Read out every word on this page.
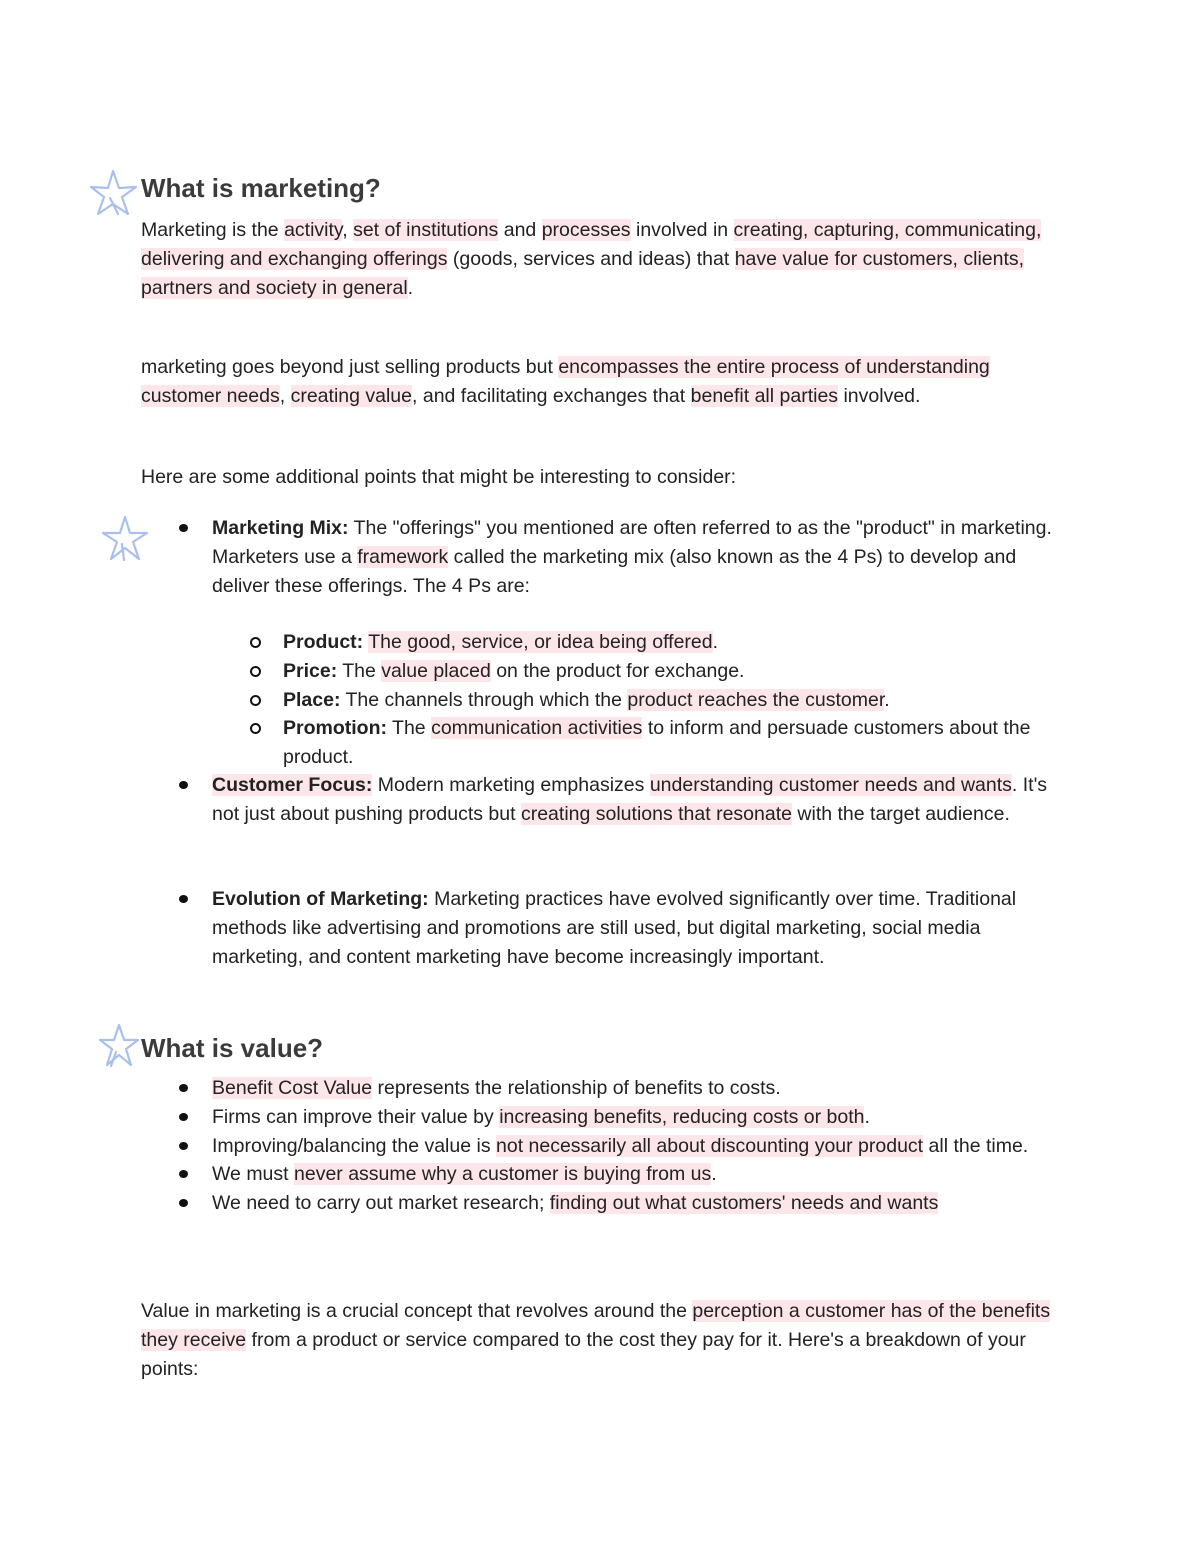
What is marketing?

Marketing is the activity, set of institutions and processes involved in creating, capturing, communicating, delivering and exchanging offerings (goods, services and ideas) that have value for customers, clients, partners and society in general.

marketing goes beyond just selling products but encompasses the entire process of understanding customer needs, creating value, and facilitating exchanges that benefit all parties involved.

Here are some additional points that might be interesting to consider:

Marketing Mix: The "offerings" you mentioned are often referred to as the "product" in marketing. Marketers use a framework called the marketing mix (also known as the 4 Ps) to develop and deliver these offerings. The 4 Ps are:
Product: The good, service, or idea being offered.
Price: The value placed on the product for exchange.
Place: The channels through which the product reaches the customer.
Promotion: The communication activities to inform and persuade customers about the product.
Customer Focus: Modern marketing emphasizes understanding customer needs and wants. It's not just about pushing products but creating solutions that resonate with the target audience.
Evolution of Marketing: Marketing practices have evolved significantly over time. Traditional methods like advertising and promotions are still used, but digital marketing, social media marketing, and content marketing have become increasingly important.
What is value?
Benefit Cost Value represents the relationship of benefits to costs.
Firms can improve their value by increasing benefits, reducing costs or both.
Improving/balancing the value is not necessarily all about discounting your product all the time.
We must never assume why a customer is buying from us.
We need to carry out market research; finding out what customers' needs and wants

Value in marketing is a crucial concept that revolves around the perception a customer has of the benefits they receive from a product or service compared to the cost they pay for it. Here's a breakdown of your points:
